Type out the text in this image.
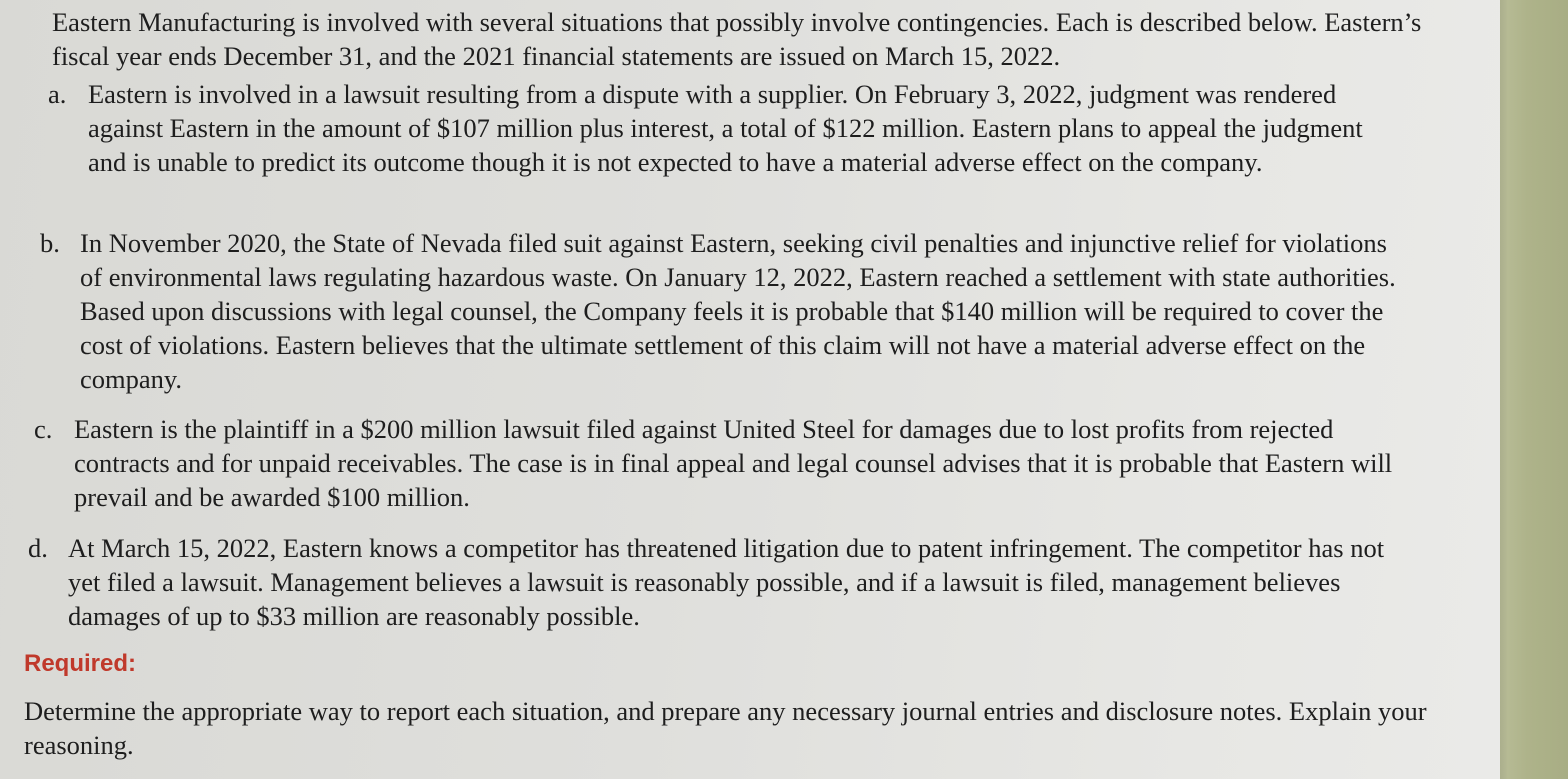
Eastern Manufacturing is involved with several situations that possibly involve contingencies. Each is described below. Eastern’s fiscal year ends December 31, and the 2021 financial statements are issued on March 15, 2022.
a. Eastern is involved in a lawsuit resulting from a dispute with a supplier. On February 3, 2022, judgment was rendered against Eastern in the amount of $107 million plus interest, a total of $122 million. Eastern plans to appeal the judgment and is unable to predict its outcome though it is not expected to have a material adverse effect on the company.
b. In November 2020, the State of Nevada filed suit against Eastern, seeking civil penalties and injunctive relief for violations of environmental laws regulating hazardous waste. On January 12, 2022, Eastern reached a settlement with state authorities. Based upon discussions with legal counsel, the Company feels it is probable that $140 million will be required to cover the cost of violations. Eastern believes that the ultimate settlement of this claim will not have a material adverse effect on the company.
c. Eastern is the plaintiff in a $200 million lawsuit filed against United Steel for damages due to lost profits from rejected contracts and for unpaid receivables. The case is in final appeal and legal counsel advises that it is probable that Eastern will prevail and be awarded $100 million.
d. At March 15, 2022, Eastern knows a competitor has threatened litigation due to patent infringement. The competitor has not yet filed a lawsuit. Management believes a lawsuit is reasonably possible, and if a lawsuit is filed, management believes damages of up to $33 million are reasonably possible.
Required:
Determine the appropriate way to report each situation, and prepare any necessary journal entries and disclosure notes. Explain your reasoning.
